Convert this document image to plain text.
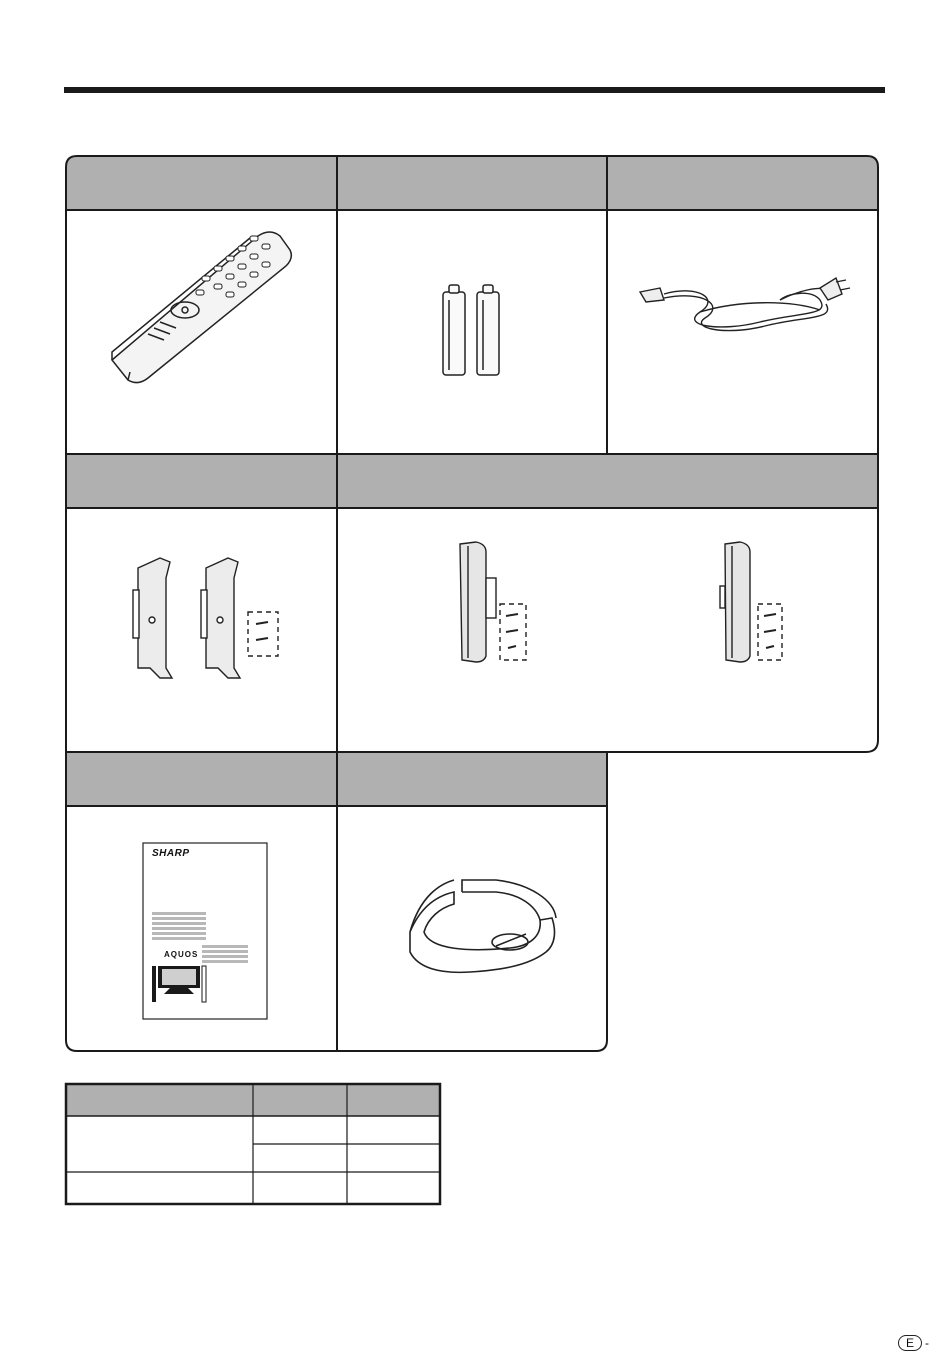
SHARP
AQUOS
E -
